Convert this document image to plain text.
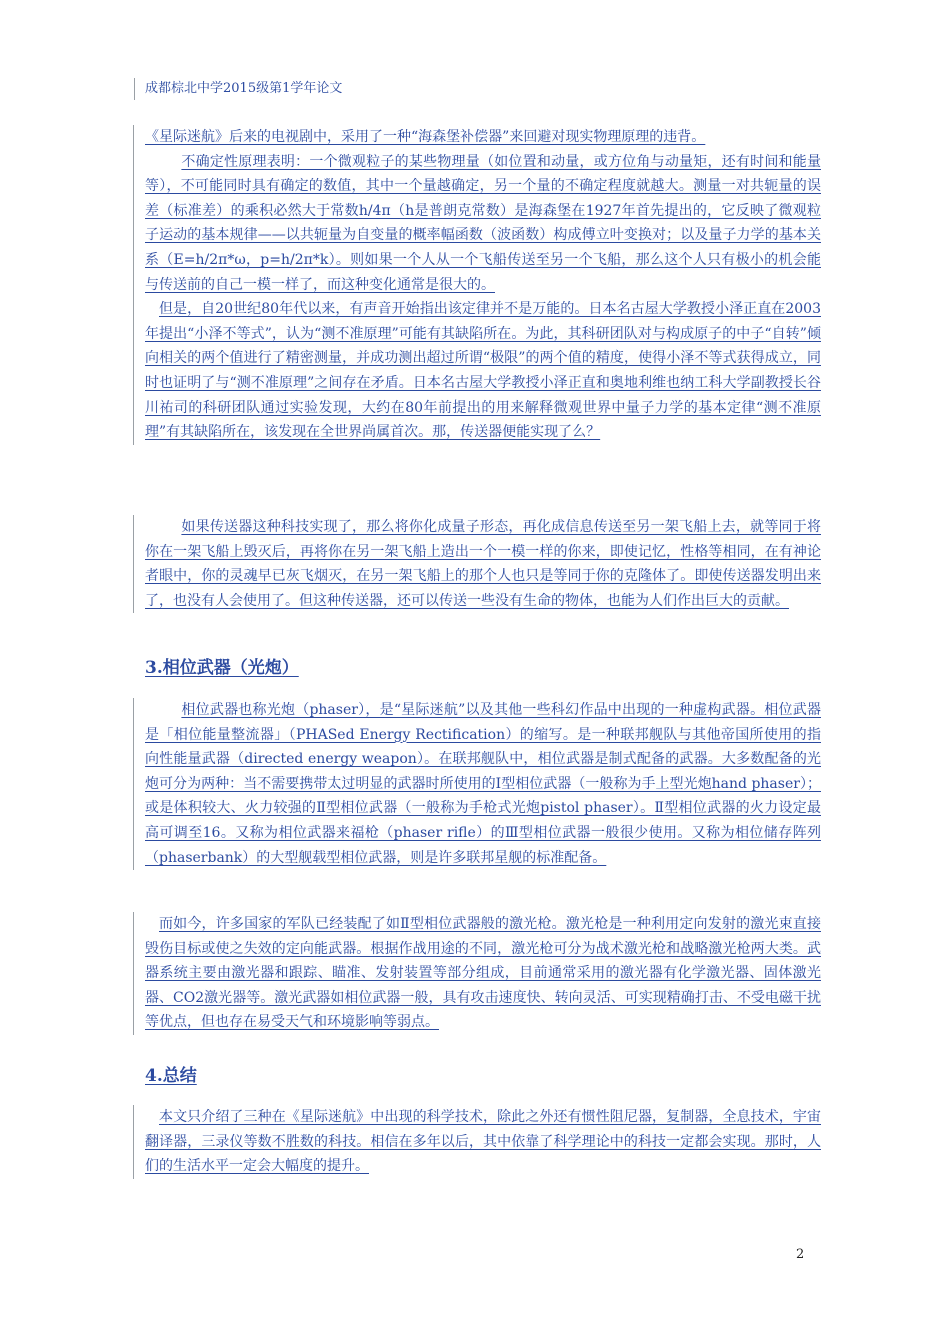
成都棕北中学2015级第1学年论文

《星际迷航》后来的电视剧中，采用了一种“海森堡补偿器”来回避对现实物理原理的违背。

不确定性原理表明：一个微观粒子的某些物理量（如位置和动量，或方位角与动量矩，还有时间和能量等），不可能同时具有确定的数值，其中一个量越确定，另一个量的不确定程度就越大。测量一对共轭量的误差（标准差）的乘积必然大于常数h/4π（h是普朗克常数）是海森堡在1927年首先提出的，它反映了微观粒子运动的基本规律——以共轭量为自变量的概率幅函数（波函数）构成傅立叶变换对；以及量子力学的基本关系（E=h/2π*ω，p=h/2π*k）。则如果一个人从一个飞船传送至另一个飞船，那么这个人只有极小的机会能与传送前的自己一模一样了，而这种变化通常是很大的。

但是，自20世纪80年代以来，有声音开始指出该定律并不是万能的。日本名古屋大学教授小泽正直在2003年提出“小泽不等式”，认为“测不准原理”可能有其缺陷所在。为此，其科研团队对与构成原子的中子“自转”倾向相关的两个值进行了精密测量，并成功测出超过所谓“极限”的两个值的精度，使得小泽不等式获得成立，同时也证明了与“测不准原理”之间存在矛盾。日本名古屋大学教授小泽正直和奥地利维也纳工科大学副教授长谷川祐司的科研团队通过实验发现，大约在80年前提出的用来解释微观世界中量子力学的基本定律“测不准原理”有其缺陷所在，该发现在全世界尚属首次。那，传送器便能实现了么？

如果传送器这种科技实现了，那么将你化成量子形态，再化成信息传送至另一架飞船上去，就等同于将你在一架飞船上毁灭后，再将你在另一架飞船上造出一个一模一样的你来，即使记忆，性格等相同，在有神论者眼中，你的灵魂早已灰飞烟灭，在另一架飞船上的那个人也只是等同于你的克隆体了。即使传送器发明出来了，也没有人会使用了。但这种传送器，还可以传送一些没有生命的物体，也能为人们作出巨大的贡献。

3.相位武器（光炮）

相位武器也称光炮（phaser），是“星际迷航”以及其他一些科幻作品中出现的一种虚构武器。相位武器是「相位能量整流器」（PHASed Energy Rectification）的缩写。是一种联邦舰队与其他帝国所使用的指向性能量武器（directed energy weapon）。在联邦舰队中，相位武器是制式配备的武器。大多数配备的光炮可分为两种：当不需要携带太过明显的武器时所使用的I型相位武器（一般称为手上型光炮hand phaser）；或是体积较大、火力较强的Ⅱ型相位武器（一般称为手枪式光炮pistol phaser）。Ⅱ型相位武器的火力设定最高可调至16。又称为相位武器来福枪（phaser rifle）的Ⅲ型相位武器一般很少使用。又称为相位储存阵列（phaserbank）的大型舰载型相位武器，则是许多联邦星舰的标准配备。

而如今，许多国家的军队已经装配了如Ⅱ型相位武器般的激光枪。激光枪是一种利用定向发射的激光束直接毁伤目标或使之失效的定向能武器。根据作战用途的不同，激光枪可分为战术激光枪和战略激光枪两大类。武器系统主要由激光器和跟踪、瞄准、发射装置等部分组成，目前通常采用的激光器有化学激光器、固体激光器、CO2激光器等。激光武器如相位武器一般，具有攻击速度快、转向灵活、可实现精确打击、不受电磁干扰等优点，但也存在易受天气和环境影响等弱点。

4.总结

本文只介绍了三种在《星际迷航》中出现的科学技术，除此之外还有惯性阻尼器，复制器，全息技术，宇宙翻译器，三录仪等数不胜数的科技。相信在多年以后，其中依靠了科学理论中的科技一定都会实现。那时，人们的生活水平一定会大幅度的提升。

2
